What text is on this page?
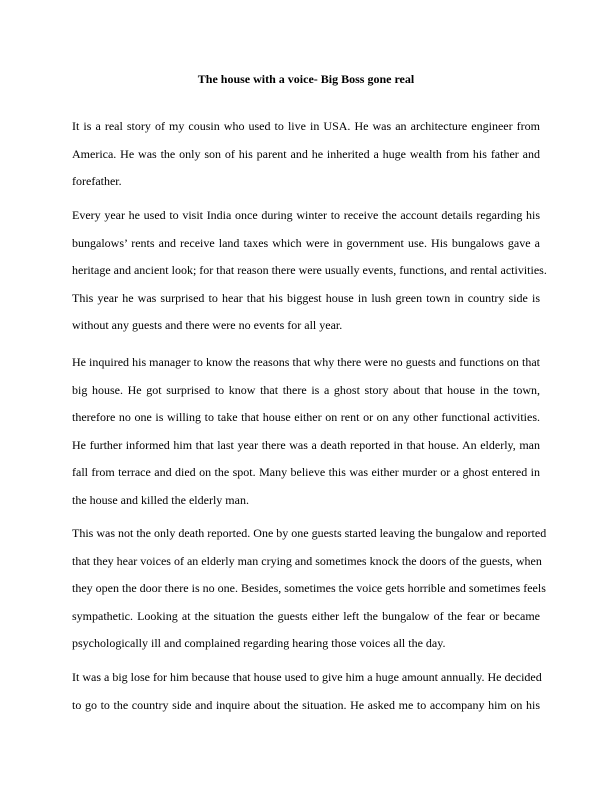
The house with a voice- Big Boss gone real
It is a real story of my cousin who used to live in USA. He was an architecture engineer from
America. He was the only son of his parent and he inherited a huge wealth from his father and
forefather.
Every year he used to visit India once during winter to receive the account details regarding his
bungalows’ rents and receive land taxes which were in government use. His bungalows gave a
heritage and ancient look; for that reason there were usually events, functions, and rental activities.
This year he was surprised to hear that his biggest house in lush green town in country side is
without any guests and there were no events for all year.
He inquired his manager to know the reasons that why there were no guests and functions on that
big house. He got surprised to know that there is a ghost story about that house in the town,
therefore no one is willing to take that house either on rent or on any other functional activities.
He further informed him that last year there was a death reported in that house. An elderly, man
fall from terrace and died on the spot. Many believe this was either murder or a ghost entered in
the house and killed the elderly man.
This was not the only death reported. One by one guests started leaving the bungalow and reported
that they hear voices of an elderly man crying and sometimes knock the doors of the guests, when
they open the door there is no one. Besides, sometimes the voice gets horrible and sometimes feels
sympathetic. Looking at the situation the guests either left the bungalow of the fear or became
psychologically ill and complained regarding hearing those voices all the day.
It was a big lose for him because that house used to give him a huge amount annually. He decided
to go to the country side and inquire about the situation. He asked me to accompany him on his
